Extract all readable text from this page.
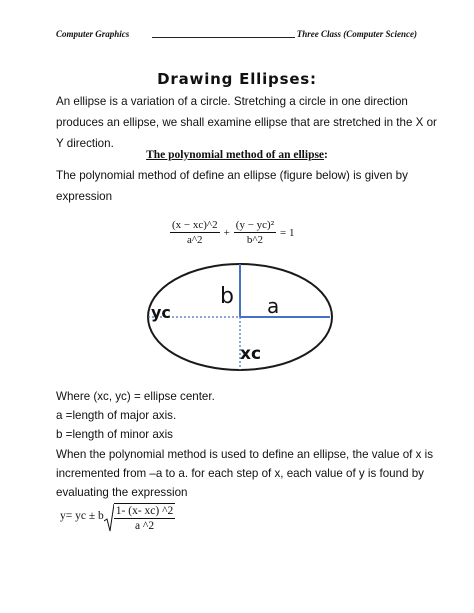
Computer Graphics	Three Class (Computer Science)
Drawing Ellipses:
An ellipse is a variation of a circle. Stretching a circle in one direction
produces an ellipse, we shall examine ellipse that are stretched in the X or
Y direction.
The polynomial method of an ellipse:
The polynomial method of define an ellipse (figure below) is given by
expression
$\frac{(x - xc)\^{}2}{a\^{}2} + \frac{\text{(y − yc)²}}{b\^{}2} = 1$
b a
yc
xc
Where (xc, yc) = ellipse center.
a =length of major axis.
b =length of minor axis
When the polynomial method is used to define an ellipse, the value of x is
incremented from –a to a. for each step of x, each value of y is found by
evaluating the expression
y= yc ± b $\frac{1- (x- xc) \^{}2}{a \^{}2}$
